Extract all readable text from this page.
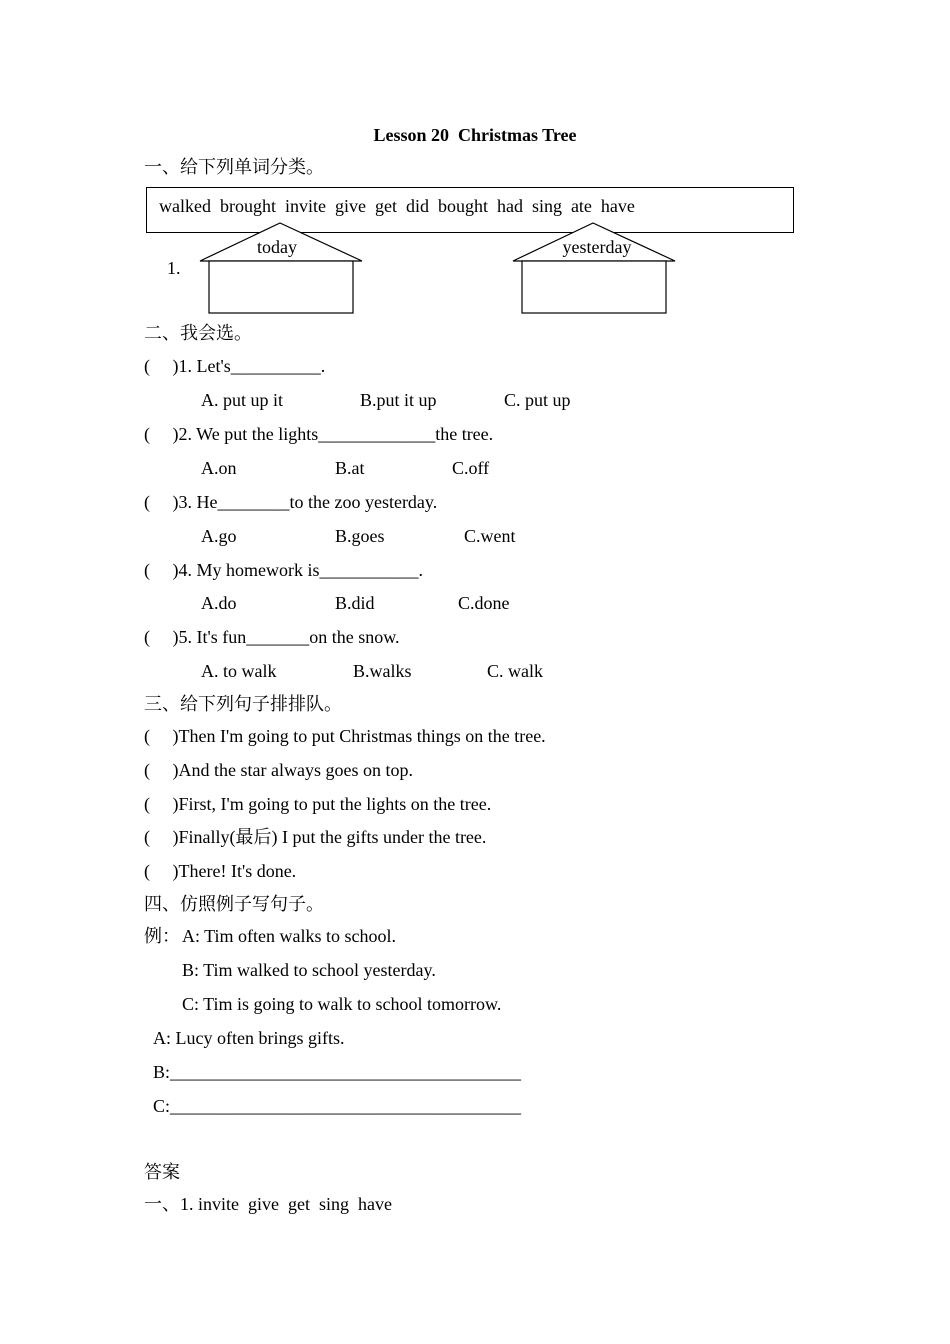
Lesson 20  Christmas Tree
一、给下列单词分类。
walked  brought  invite  give  get  did  bought  had  sing  ate  have
1.
today	yesterday
二、我会选。
(     )1. Let's__________.
A. put up it	B.put it up	C. put up
(     )2. We put the lights_____________the tree.
A.on	B.at	C.off
(     )3. He________to the zoo yesterday.
A.go	B.goes	C.went
(     )4. My homework is___________.
A.do	B.did	C.done
(     )5. It's fun_______on the snow.
A. to walk	B.walks	C. walk
三、给下列句子排排队。
(     )Then I'm going to put Christmas things on the tree.
(     )And the star always goes on top.
(     )First, I'm going to put the lights on the tree.
(     )Finally(最后) I put the gifts under the tree.
(     )There! It's done.
四、仿照例子写句子。
例： A: Tim often walks to school.
B: Tim walked to school yesterday.
C: Tim is going to walk to school tomorrow.
A: Lucy often brings gifts.
B:_______________________________________
C:_______________________________________
答案
一、1. invite  give  get  sing  have
